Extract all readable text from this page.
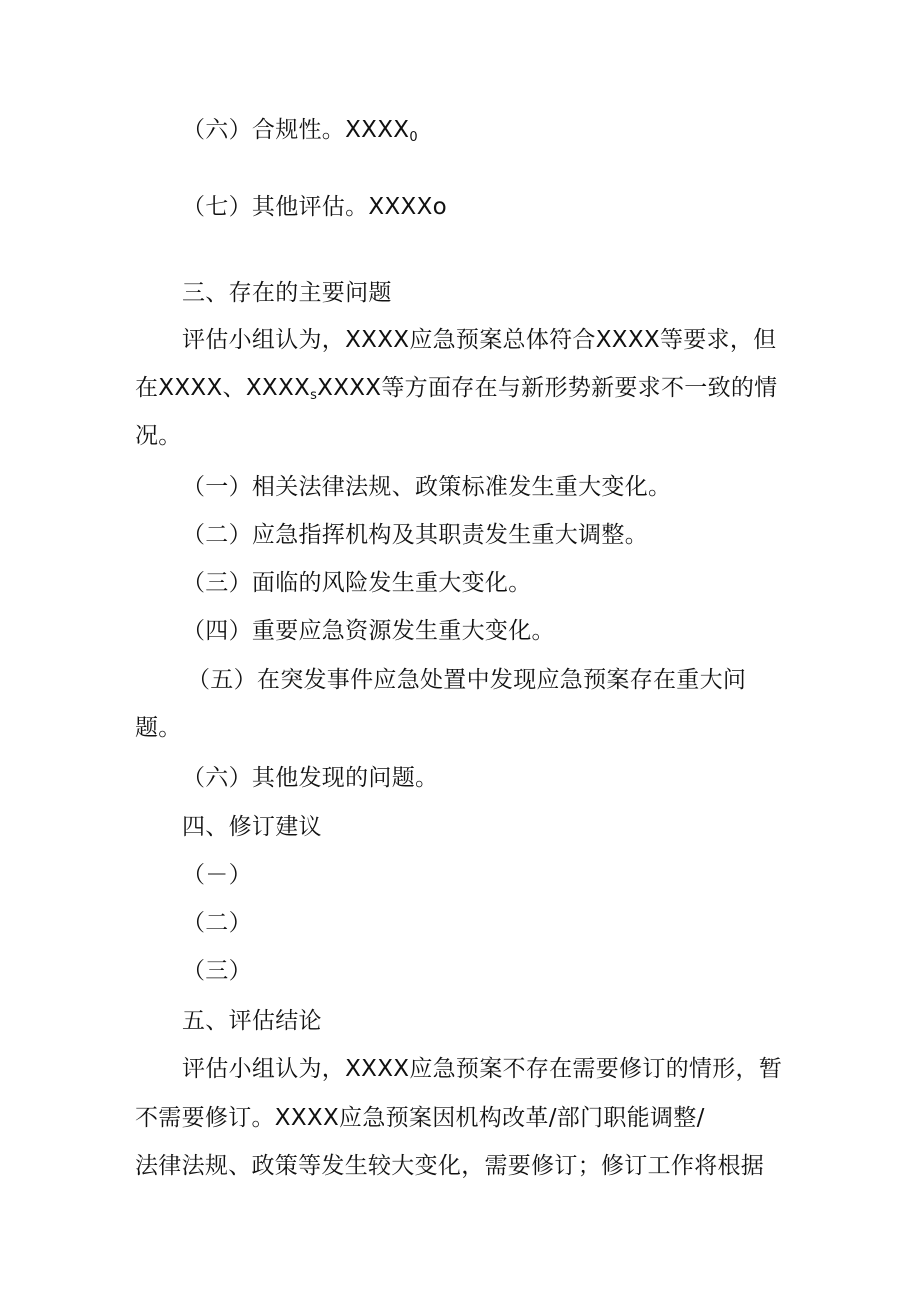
（六）合规性。$XXXX_0$
（七）其他评估。XXXXo
三、存在的主要问题
评估小组认为，XXXX应急预案总体符合XXXX等要求，但
在XXXX、$XXXX_sXXXX$等方面存在与新形势新要求不一致的情
况。
（一）相关法律法规、政策标准发生重大变化。
（二）应急指挥机构及其职责发生重大调整。
（三）面临的风险发生重大变化。
（四）重要应急资源发生重大变化。
（五）在突发事件应急处置中发现应急预案存在重大问
题。
（六）其他发现的问题。
四、修订建议
（－）
（二）
（三）
五、评估结论
评估小组认为，XXXX应急预案不存在需要修订的情形，暂
不需要修订。XXXX应急预案因机构改革/部门职能调整/
法律法规、政策等发生较大变化，需要修订；修订工作将根据
